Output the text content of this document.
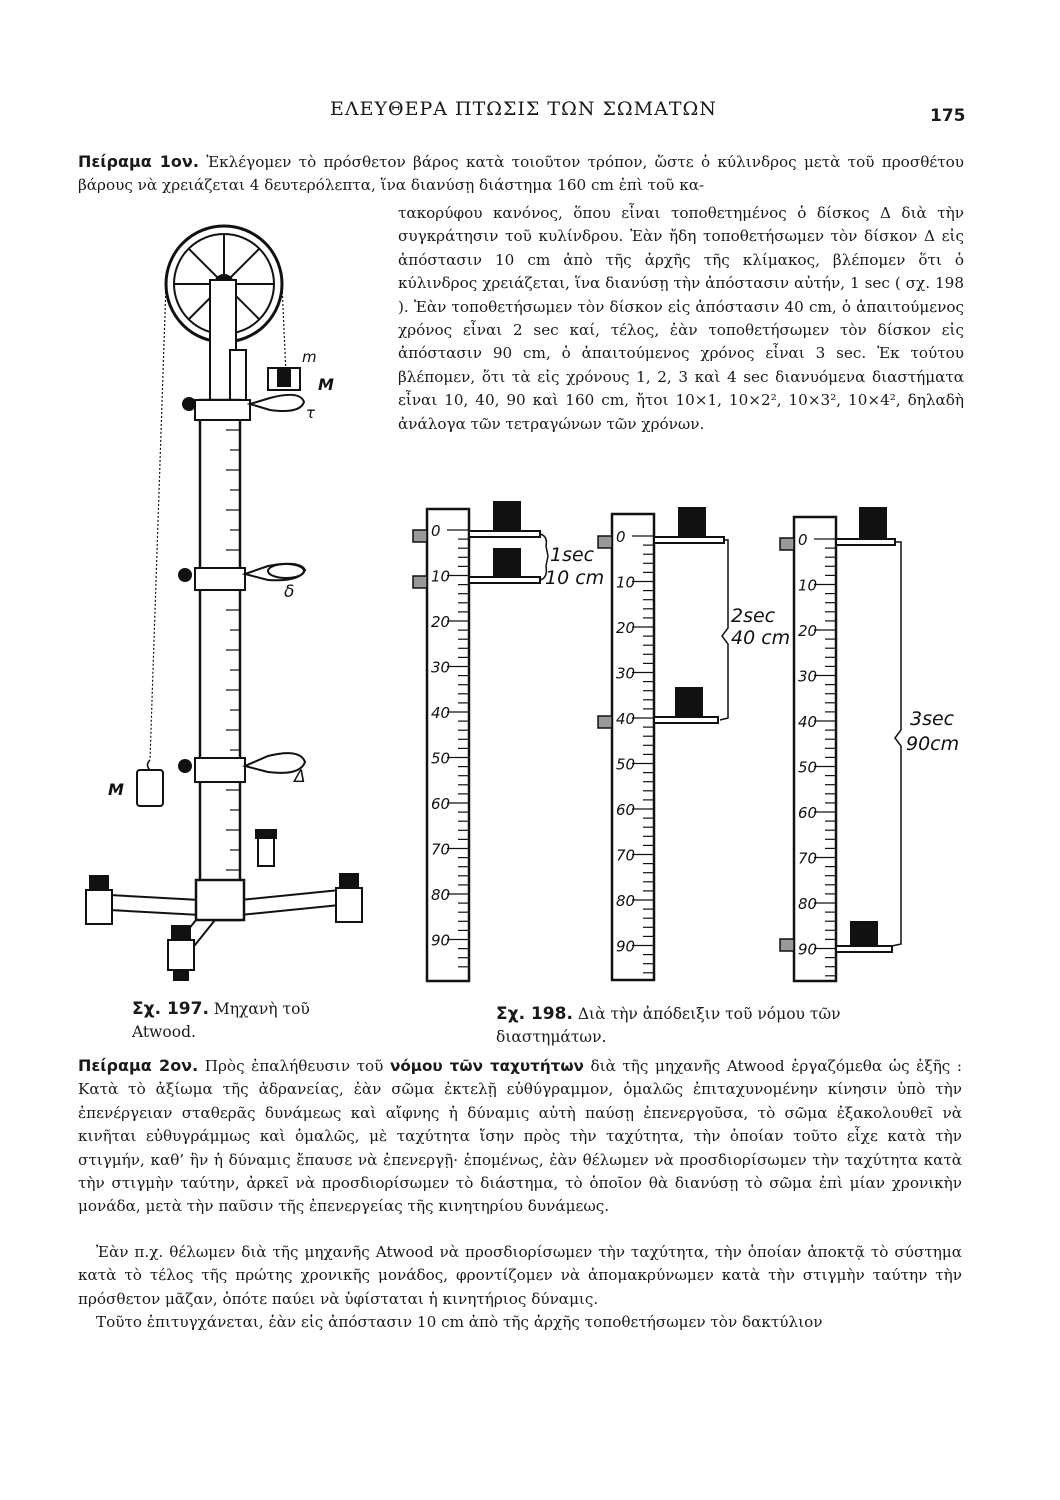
ΕΛΕΥΘΕΡΑ ΠΤΩΣΙΣ ΤΩΝ ΣΩΜΑΤΩΝ	175

Πείραμα 1ον. Ἐκλέγομεν τὸ πρόσθετον βάρος κατὰ τοιοῦτον τρόπον, ὥστε ὁ κύλινδρος μετὰ τοῦ προσθέτου βάρους νὰ χρειάζεται 4 δευτερόλεπτα, ἵνα διανύσῃ διάστημα 160 cm ἐπὶ τοῦ κα-

τακορύφου κανόνος, ὅπου εἶναι τοποθετημένος ὁ δίσκος Δ διὰ τὴν συγκράτησιν τοῦ κυλίνδρου. Ἐὰν ἤδη τοποθετήσωμεν τὸν δίσκον Δ εἰς ἀπόστασιν 10 cm ἀπὸ τῆς ἀρχῆς τῆς κλίμακος, βλέπομεν ὅτι ὁ κύλινδρος χρειάζεται, ἵνα διανύσῃ τὴν ἀπόστασιν αὐτήν, 1 sec ( σχ. 198 ). Ἐὰν τοποθετήσωμεν τὸν δίσκον εἰς ἀπόστασιν 40 cm, ὁ ἀπαιτούμενος χρόνος εἶναι 2 sec καί, τέλος, ἐὰν τοποθετήσωμεν τὸν δίσκον εἰς ἀπόστασιν 90 cm, ὁ ἀπαιτούμενος χρόνος εἶναι 3 sec. Ἐκ τούτου βλέπομεν, ὅτι τὰ εἰς χρόνους 1, 2, 3 καὶ 4 sec διανυόμενα διαστήματα εἶναι 10, 40, 90 καὶ 160 cm, ἤτοι 10×1, 10×2², 10×3², 10×4², δηλαδὴ ἀνάλογα τῶν τετραγώνων τῶν χρόνων.

m
M
τ
δ
Δ
M
0
10
20
30
40
50
60
70
80
90
0
10
20
30
40
50
60
70
80
90
0
10
20
30
40
50
60
70
80
90
1sec
10 cm
2sec
40 cm
3sec
90cm
Σχ. 197. Μηχανὴ τοῦ Atwood.
Σχ. 198. Διὰ τὴν ἀπόδειξιν τοῦ νόμου τῶν διαστημάτων.

Πείραμα 2ον. Πρὸς ἐπαλήθευσιν τοῦ νόμου τῶν ταχυτήτων διὰ τῆς μηχανῆς Atwood ἐργαζόμεθα ὡς ἐξῆς : Κατὰ τὸ ἀξίωμα τῆς ἀδρανείας, ἐὰν σῶμα ἐκτελῇ εὐθύγραμμον, ὁμαλῶς ἐπιταχυνομένην κίνησιν ὑπὸ τὴν ἐπενέργειαν σταθερᾶς δυνάμεως καὶ αἴφνης ἡ δύναμις αὐτὴ παύσῃ ἐπενεργοῦσα, τὸ σῶμα ἐξακολουθεῖ νὰ κινῆται εὐθυγράμμως καὶ ὁμαλῶς, μὲ ταχύτητα ἴσην πρὸς τὴν ταχύτητα, τὴν ὁποίαν τοῦτο εἶχε κατὰ τὴν στιγμήν, καθ’ ἣν ἡ δύναμις ἔπαυσε νὰ ἐπενεργῇ· ἑπομένως, ἐὰν θέλωμεν νὰ προσδιορίσωμεν τὴν ταχύτητα κατὰ τὴν στιγμὴν ταύτην, ἀρκεῖ νὰ προσδιορίσωμεν τὸ διάστημα, τὸ ὁποῖον θὰ διανύσῃ τὸ σῶμα ἐπὶ μίαν χρονικὴν μονάδα, μετὰ τὴν παῦσιν τῆς ἐπενεργείας τῆς κινητηρίου δυνάμεως.

Ἐὰν π.χ. θέλωμεν διὰ τῆς μηχανῆς Atwood νὰ προσδιορίσωμεν τὴν ταχύτητα, τὴν ὁποίαν ἀποκτᾷ τὸ σύστημα κατὰ τὸ τέλος τῆς πρώτης χρονικῆς μονάδος, φροντίζομεν νὰ ἀπομακρύνωμεν κατὰ τὴν στιγμὴν ταύτην τὴν πρόσθετον μᾶζαν, ὁπότε παύει νὰ ὑφίσταται ἡ κινητήριος δύναμις.

Τοῦτο ἐπιτυγχάνεται, ἐὰν εἰς ἀπόστασιν 10 cm ἀπὸ τῆς ἀρχῆς τοποθετήσωμεν τὸν δακτύλιον
